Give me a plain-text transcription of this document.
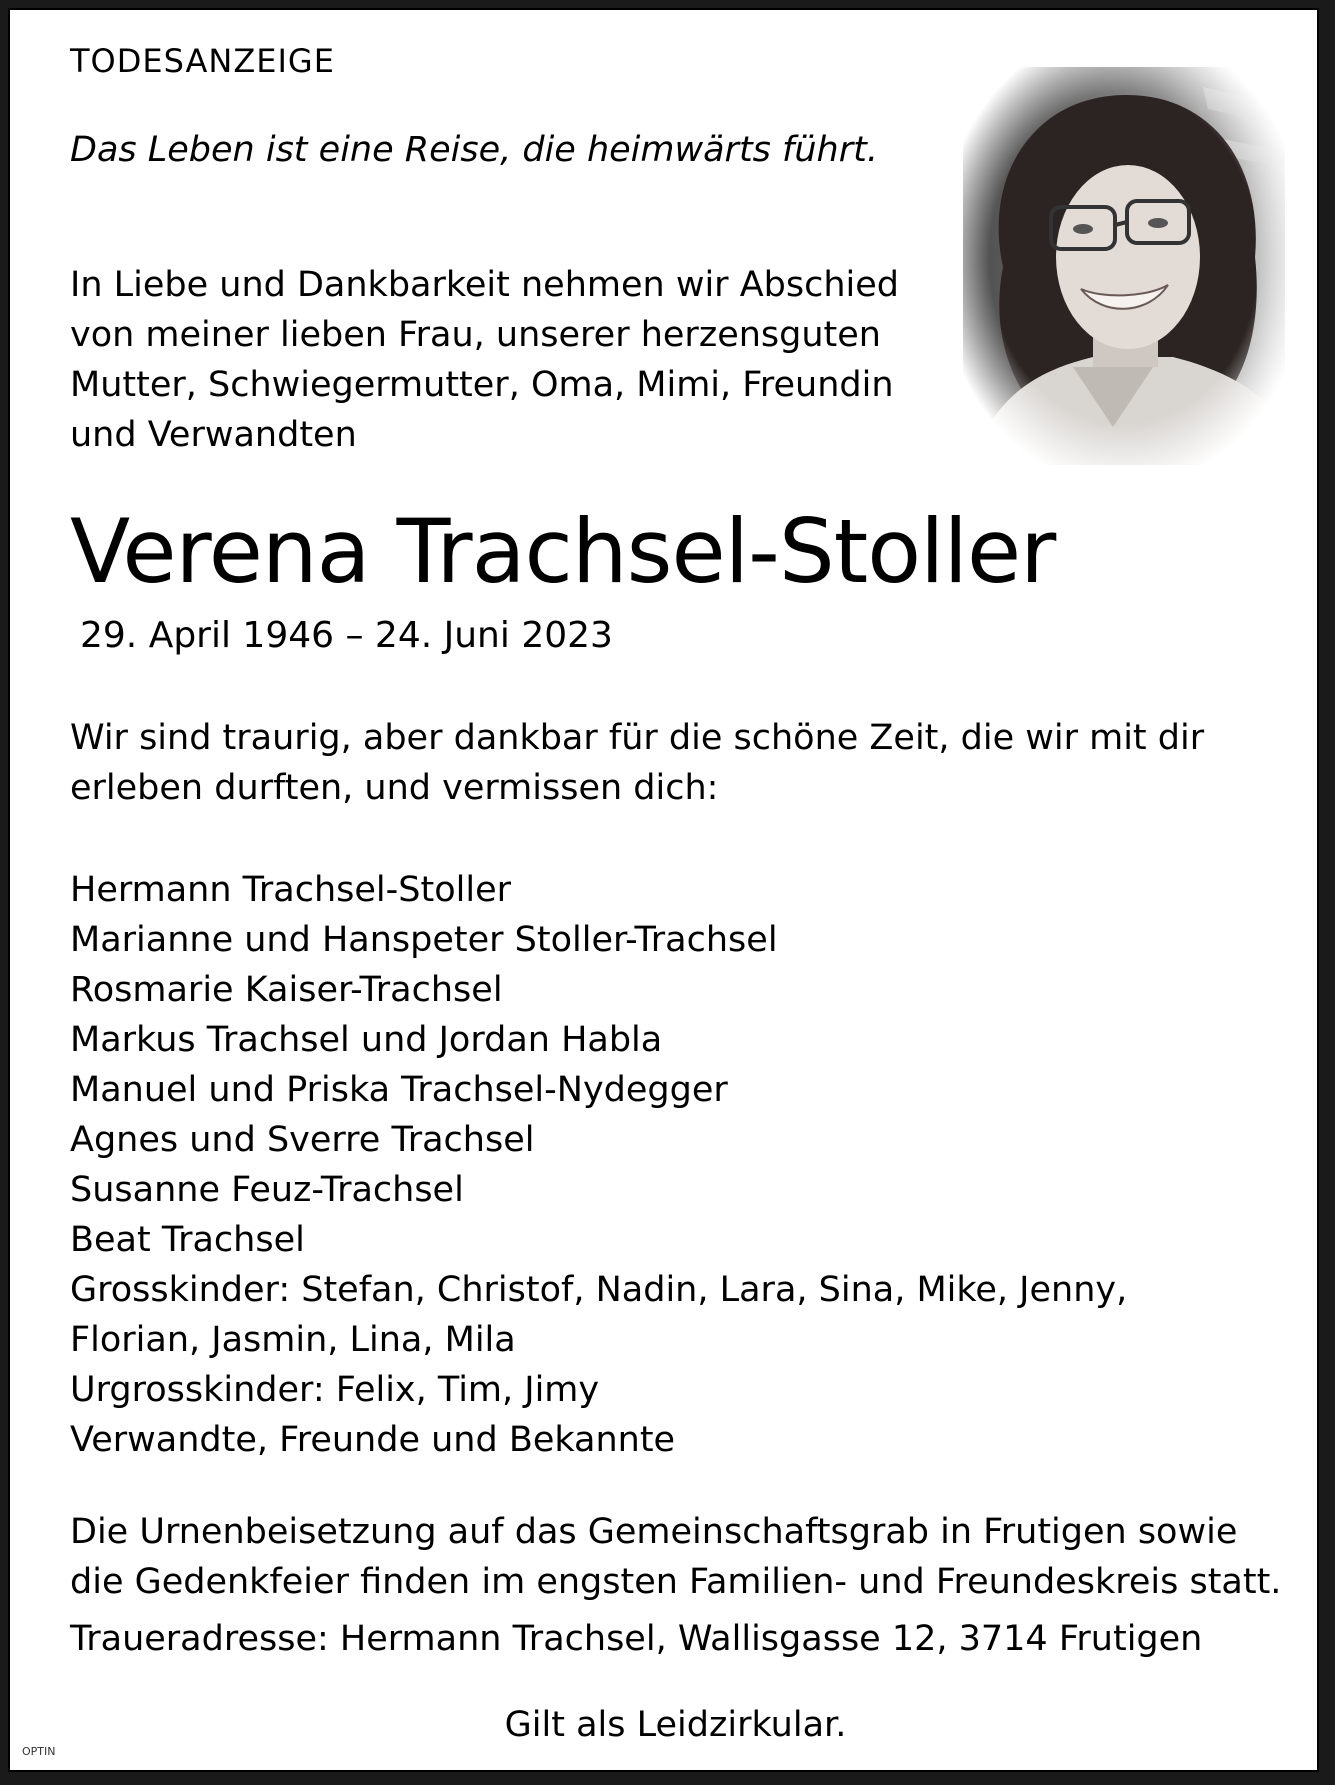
TODESANZEIGE

Das Leben ist eine Reise, die heimwärts führt.

In Liebe und Dankbarkeit nehmen wir Abschied von meiner lieben Frau, unserer herzensguten Mutter, Schwiegermutter, Oma, Mimi, Freundin und Verwandten

Verena Trachsel-Stoller

29. April 1946 – 24. Juni 2023

Wir sind traurig, aber dankbar für die schöne Zeit, die wir mit dir erleben durften, und vermissen dich:

Hermann Trachsel-Stoller
Marianne und Hanspeter Stoller-Trachsel
Rosmarie Kaiser-Trachsel
Markus Trachsel und Jordan Habla
Manuel und Priska Trachsel-Nydegger
Agnes und Sverre Trachsel
Susanne Feuz-Trachsel
Beat Trachsel
Grosskinder: Stefan, Christof, Nadin, Lara, Sina, Mike, Jenny,
Florian, Jasmin, Lina, Mila
Urgrosskinder: Felix, Tim, Jimy
Verwandte, Freunde und Bekannte

Die Urnenbeisetzung auf das Gemeinschaftsgrab in Frutigen sowie die Gedenkfeier finden im engsten Familien- und Freundeskreis statt.

Traueradresse: Hermann Trachsel, Wallisgasse 12, 3714 Frutigen

Gilt als Leidzirkular.

OPTIN
